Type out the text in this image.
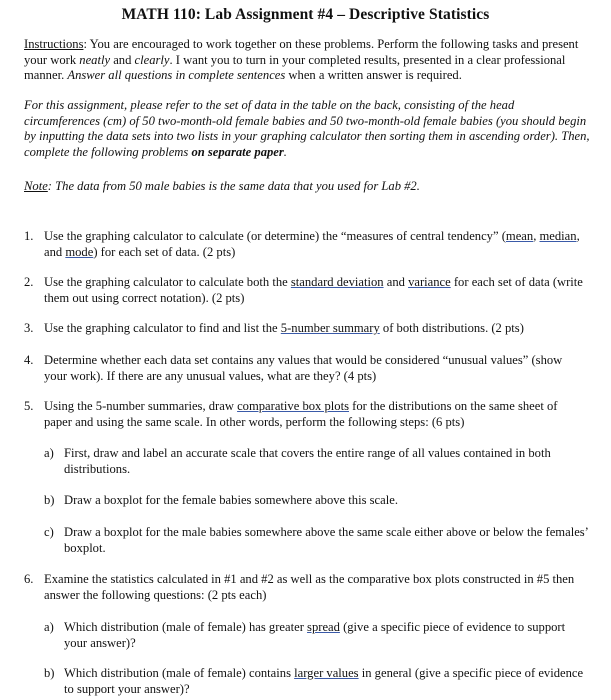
MATH 110: Lab Assignment #4 – Descriptive Statistics
Instructions: You are encouraged to work together on these problems. Perform the following tasks and present your work neatly and clearly. I want you to turn in your completed results, presented in a clear professional manner. Answer all questions in complete sentences when a written answer is required.
For this assignment, please refer to the set of data in the table on the back, consisting of the head circumferences (cm) of 50 two-month-old female babies and 50 two-month-old female babies (you should begin by inputting the data sets into two lists in your graphing calculator then sorting them in ascending order). Then, complete the following problems on separate paper.
Note: The data from 50 male babies is the same data that you used for Lab #2.
1. Use the graphing calculator to calculate (or determine) the “measures of central tendency” (mean, median, and mode) for each set of data. (2 pts)
2. Use the graphing calculator to calculate both the standard deviation and variance for each set of data (write them out using correct notation). (2 pts)
3. Use the graphing calculator to find and list the 5-number summary of both distributions. (2 pts)
4. Determine whether each data set contains any values that would be considered “unusual values” (show your work). If there are any unusual values, what are they? (4 pts)
5. Using the 5-number summaries, draw comparative box plots for the distributions on the same sheet of paper and using the same scale. In other words, perform the following steps: (6 pts)
a) First, draw and label an accurate scale that covers the entire range of all values contained in both distributions.
b) Draw a boxplot for the female babies somewhere above this scale.
c) Draw a boxplot for the male babies somewhere above the same scale either above or below the females’ boxplot.
6. Examine the statistics calculated in #1 and #2 as well as the comparative box plots constructed in #5 then answer the following questions: (2 pts each)
a) Which distribution (male of female) has greater spread (give a specific piece of evidence to support your answer)?
b) Which distribution (male of female) contains larger values in general (give a specific piece of evidence to support your answer)?
